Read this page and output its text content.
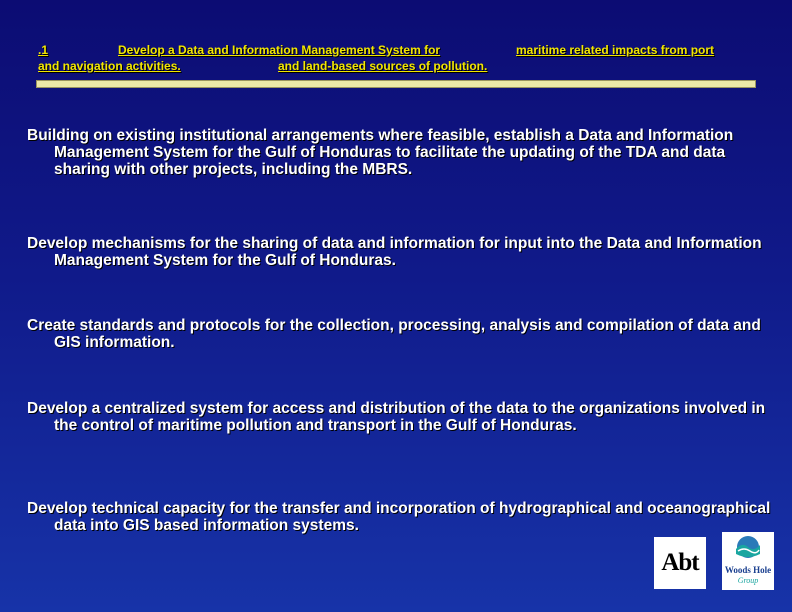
.1	Develop a Data and Information Management System for	maritime related impacts from port
and navigation activities.	and land-based sources of pollution.
Building on existing institutional arrangements where feasible, establish a Data and Information Management System for the Gulf of Honduras to facilitate the updating of the TDA and data sharing with other projects, including the MBRS.
Develop mechanisms for the sharing of data and information for input into the Data and Information Management System for the Gulf of Honduras.
Create standards and protocols for the collection, processing, analysis and compilation of data and GIS information.
Develop a centralized system for access and distribution of the data to the organizations involved in the control of maritime pollution and transport in the Gulf of Honduras.
Develop technical capacity for the transfer and incorporation of hydrographical and oceanographical data into GIS based information systems.
Abt	Woods Hole
Group
